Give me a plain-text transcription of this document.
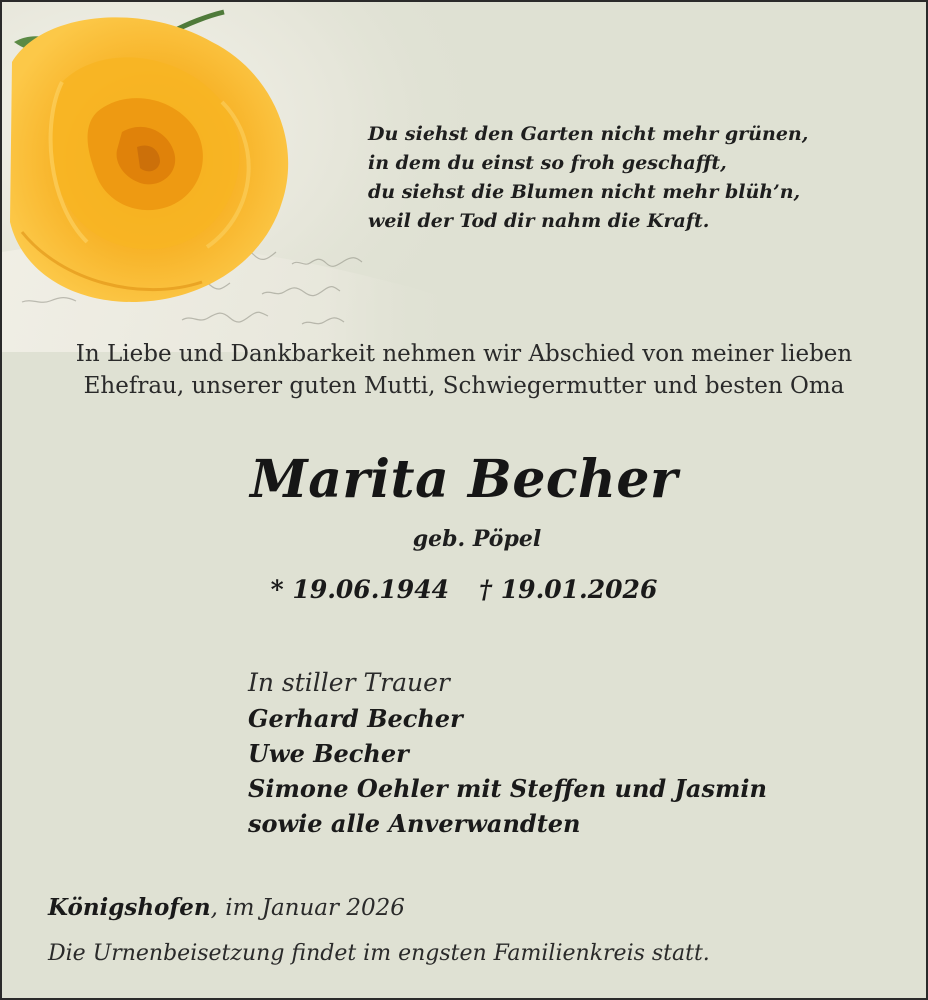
Du siehst den Garten nicht mehr grünen,
in dem du einst so froh geschafft,
du siehst die Blumen nicht mehr blüh’n,
weil der Tod dir nahm die Kraft.
In Liebe und Dankbarkeit nehmen wir Abschied von meiner lieben
Ehefrau, unserer guten Mutti, Schwiegermutter und besten Oma
Marita Becher
geb. Pöpel
* 19.06.1944 † 19.01.2026
In stiller Trauer
Gerhard Becher
Uwe Becher
Simone Oehler mit Steffen und Jasmin
sowie alle Anverwandten
Königshofen, im Januar 2026
Die Urnenbeisetzung findet im engsten Familienkreis statt.
